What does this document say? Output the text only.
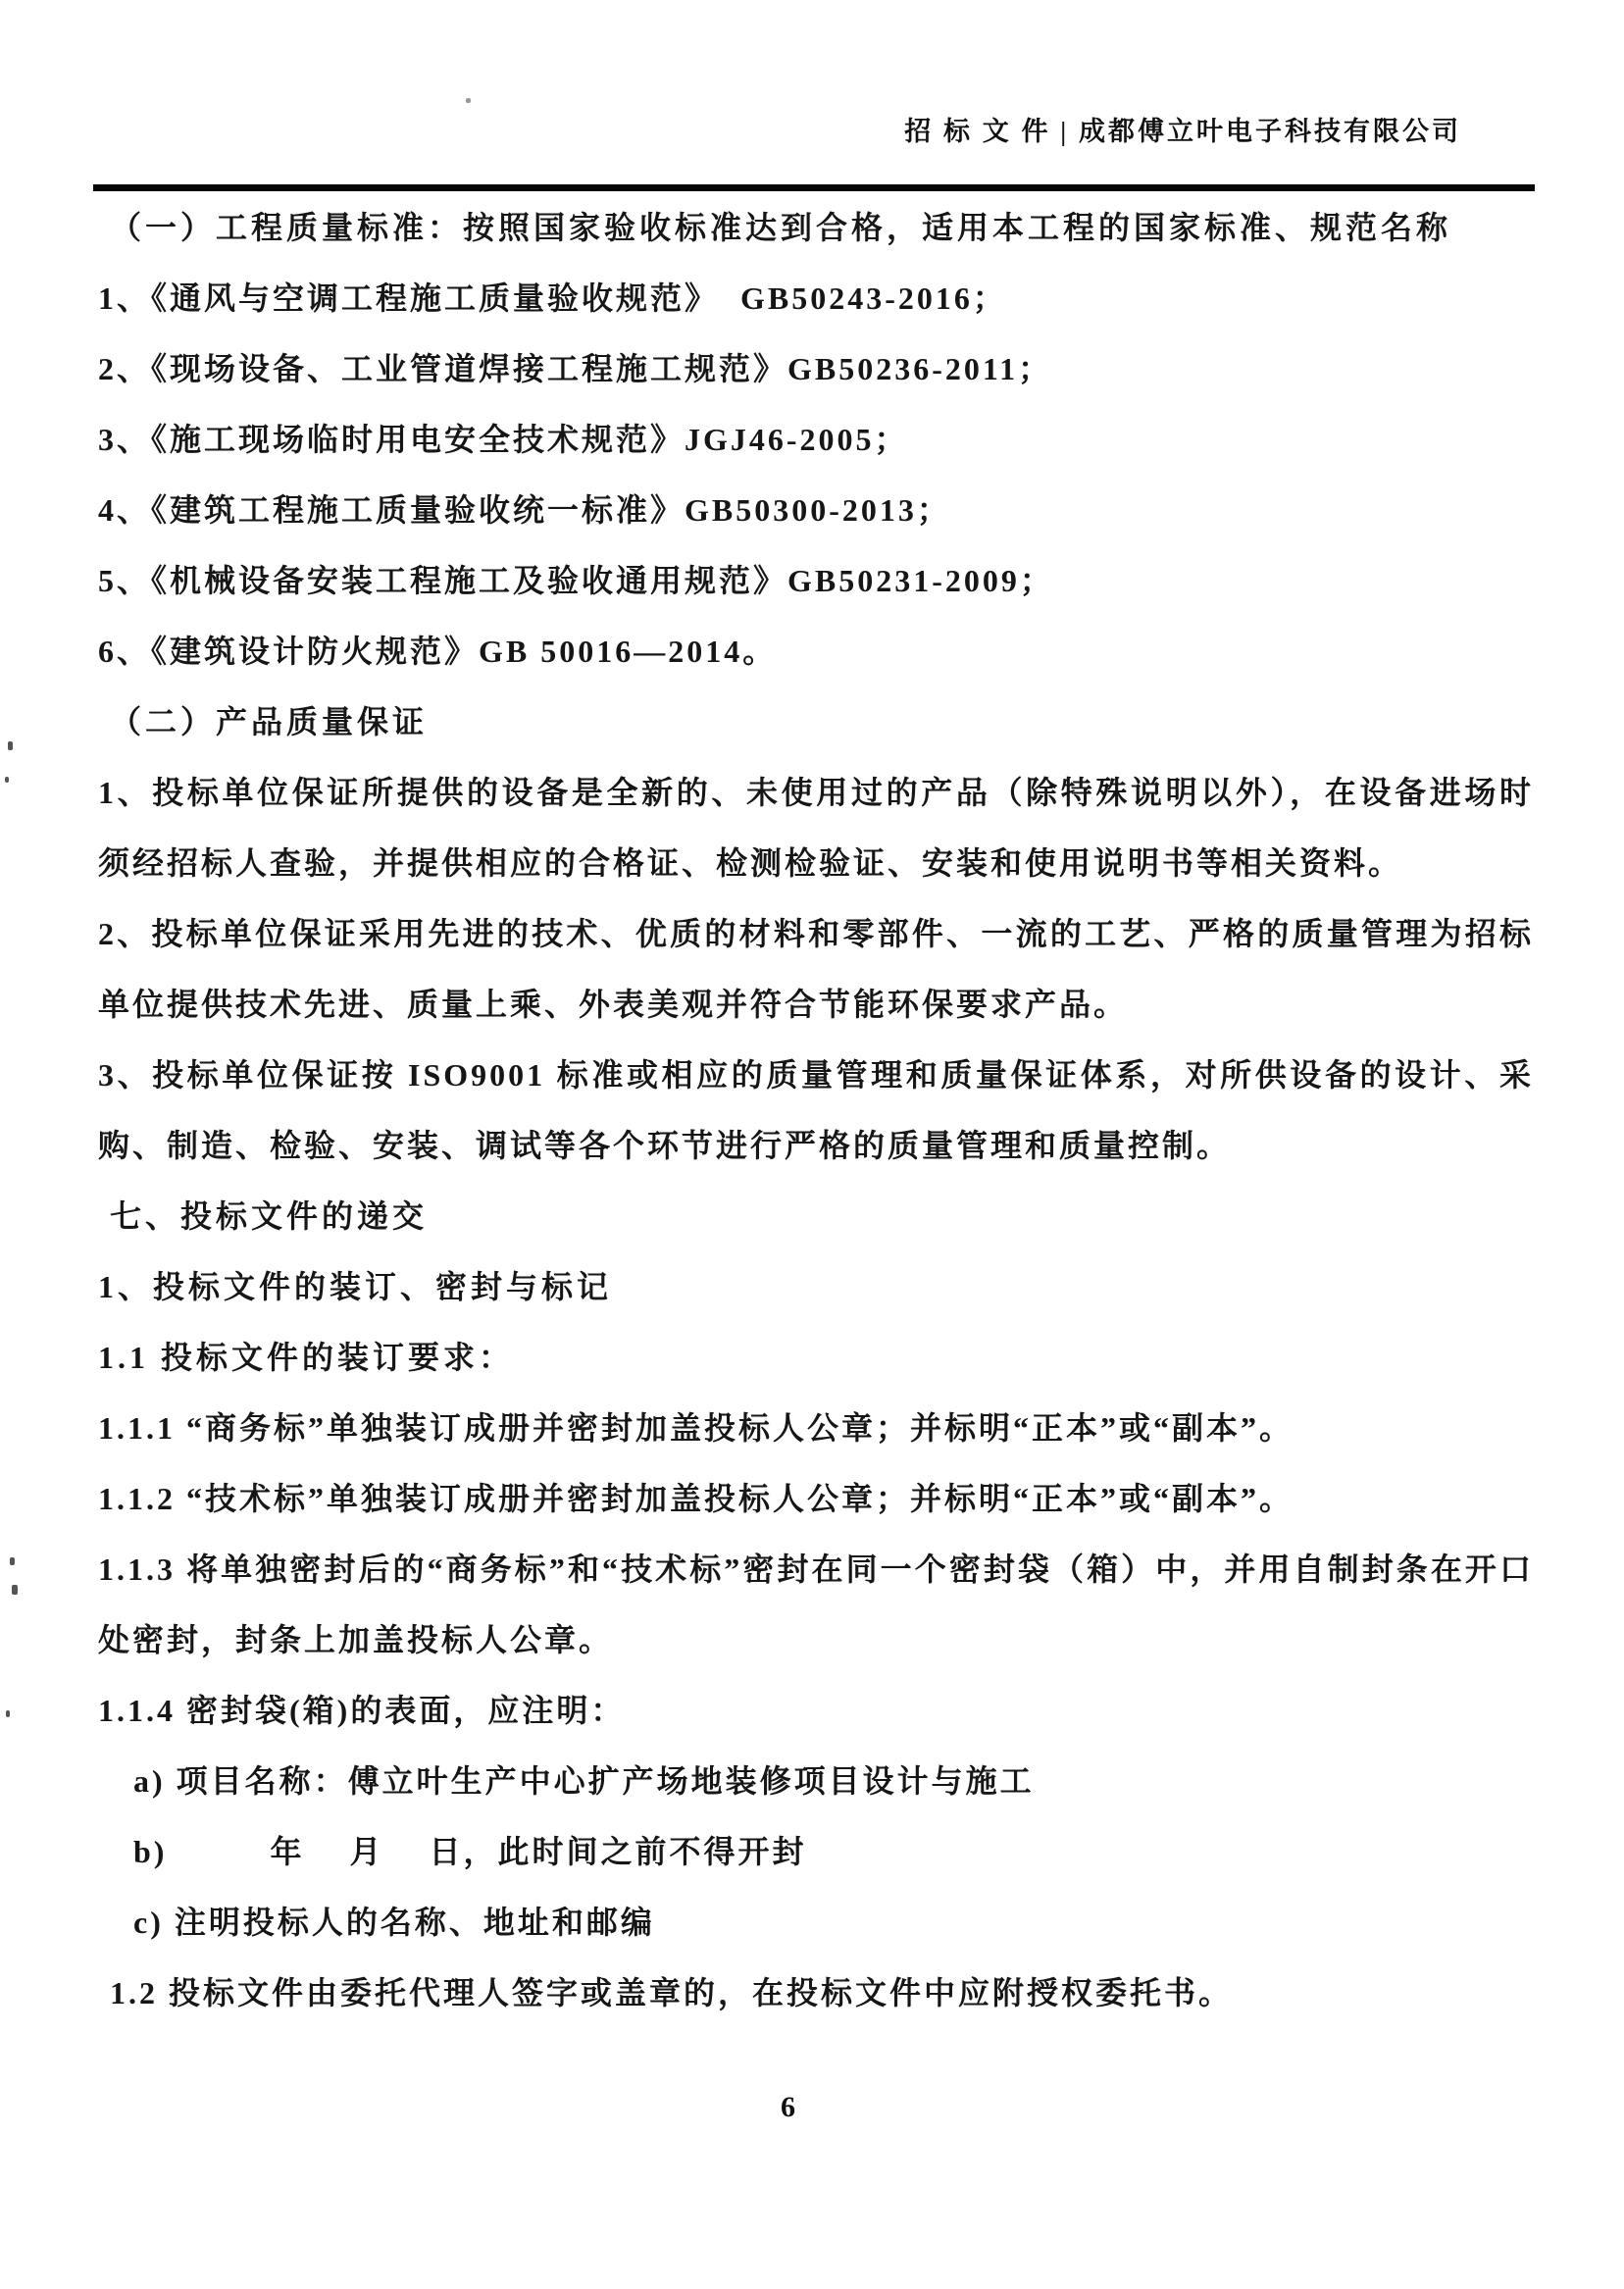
招 标 文 件 | 成都傅立叶电子科技有限公司
（一）工程质量标准：按照国家验收标准达到合格，适用本工程的国家标准、规范名称
1、《通风与空调工程施工质量验收规范》  GB50243-2016；
2、《现场设备、工业管道焊接工程施工规范》GB50236-2011；
3、《施工现场临时用电安全技术规范》JGJ46-2005；
4、《建筑工程施工质量验收统一标准》GB50300-2013；
5、《机械设备安装工程施工及验收通用规范》GB50231-2009；
6、《建筑设计防火规范》GB 50016—2014。
（二）产品质量保证
1、投标单位保证所提供的设备是全新的、未使用过的产品（除特殊说明以外），在设备进场时须经招标人查验，并提供相应的合格证、检测检验证、安装和使用说明书等相关资料。
2、投标单位保证采用先进的技术、优质的材料和零部件、一流的工艺、严格的质量管理为招标单位提供技术先进、质量上乘、外表美观并符合节能环保要求产品。
3、投标单位保证按 ISO9001 标准或相应的质量管理和质量保证体系，对所供设备的设计、采购、制造、检验、安装、调试等各个环节进行严格的质量管理和质量控制。
七、投标文件的递交
1、投标文件的装订、密封与标记
1.1 投标文件的装订要求：
1.1.1 “商务标”单独装订成册并密封加盖投标人公章；并标明“正本”或“副本”。
1.1.2 “技术标”单独装订成册并密封加盖投标人公章；并标明“正本”或“副本”。
1.1.3 将单独密封后的“商务标”和“技术标”密封在同一个密封袋（箱）中，并用自制封条在开口处密封，封条上加盖投标人公章。
1.1.4 密封袋(箱)的表面，应注明：
a) 项目名称：傅立叶生产中心扩产场地装修项目设计与施工
b)　　　年　 月　 日，此时间之前不得开封
c) 注明投标人的名称、地址和邮编
1.2 投标文件由委托代理人签字或盖章的，在投标文件中应附授权委托书。
6
